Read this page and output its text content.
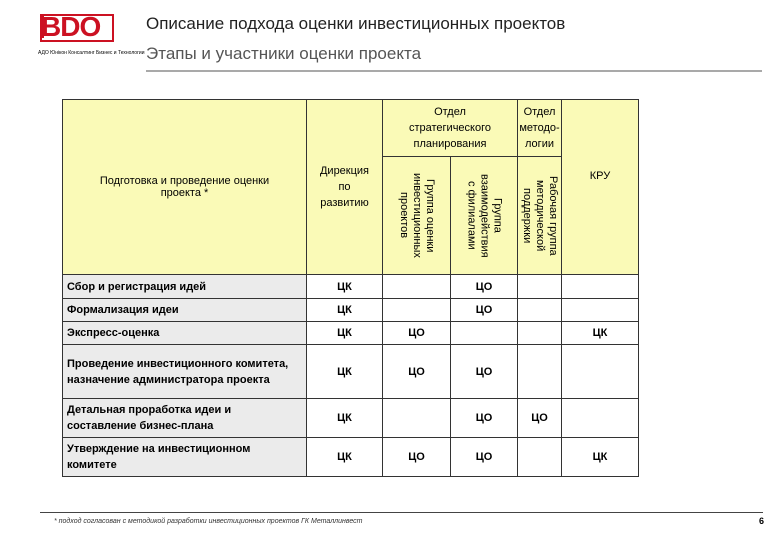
BDO
АДО Юнікон Консалтинг Бизнес и Технологии
Описание подхода оценки инвестиционных проектов
Этапы и участники оценки проекта
Подготовка и проведение оценки проекта *	Дирекция
по
развитию	Отдел
стратегического
планирования		Отдел
методо-
логии	КРУ

		Группа оценки
инвестиционных
проектов	Группа
взаимодействия
с филиалами	Рабочая группа
методической
поддержки	

Сбор и регистрация идей	ЦК		ЦО		
Формализация идеи	ЦК		ЦО		
Экспресс-оценка	ЦК	ЦО			ЦК
Проведение инвестиционного комитета, назначение администратора проекта	ЦК	ЦО	ЦО		
Детальная проработка идеи и составление бизнес-плана	ЦК		ЦО	ЦО	
Утверждение на инвестиционном комитете	ЦК	ЦО	ЦО		ЦК
* подход согласован с методикой разработки инвестиционных проектов ГК Металлинвест	6
